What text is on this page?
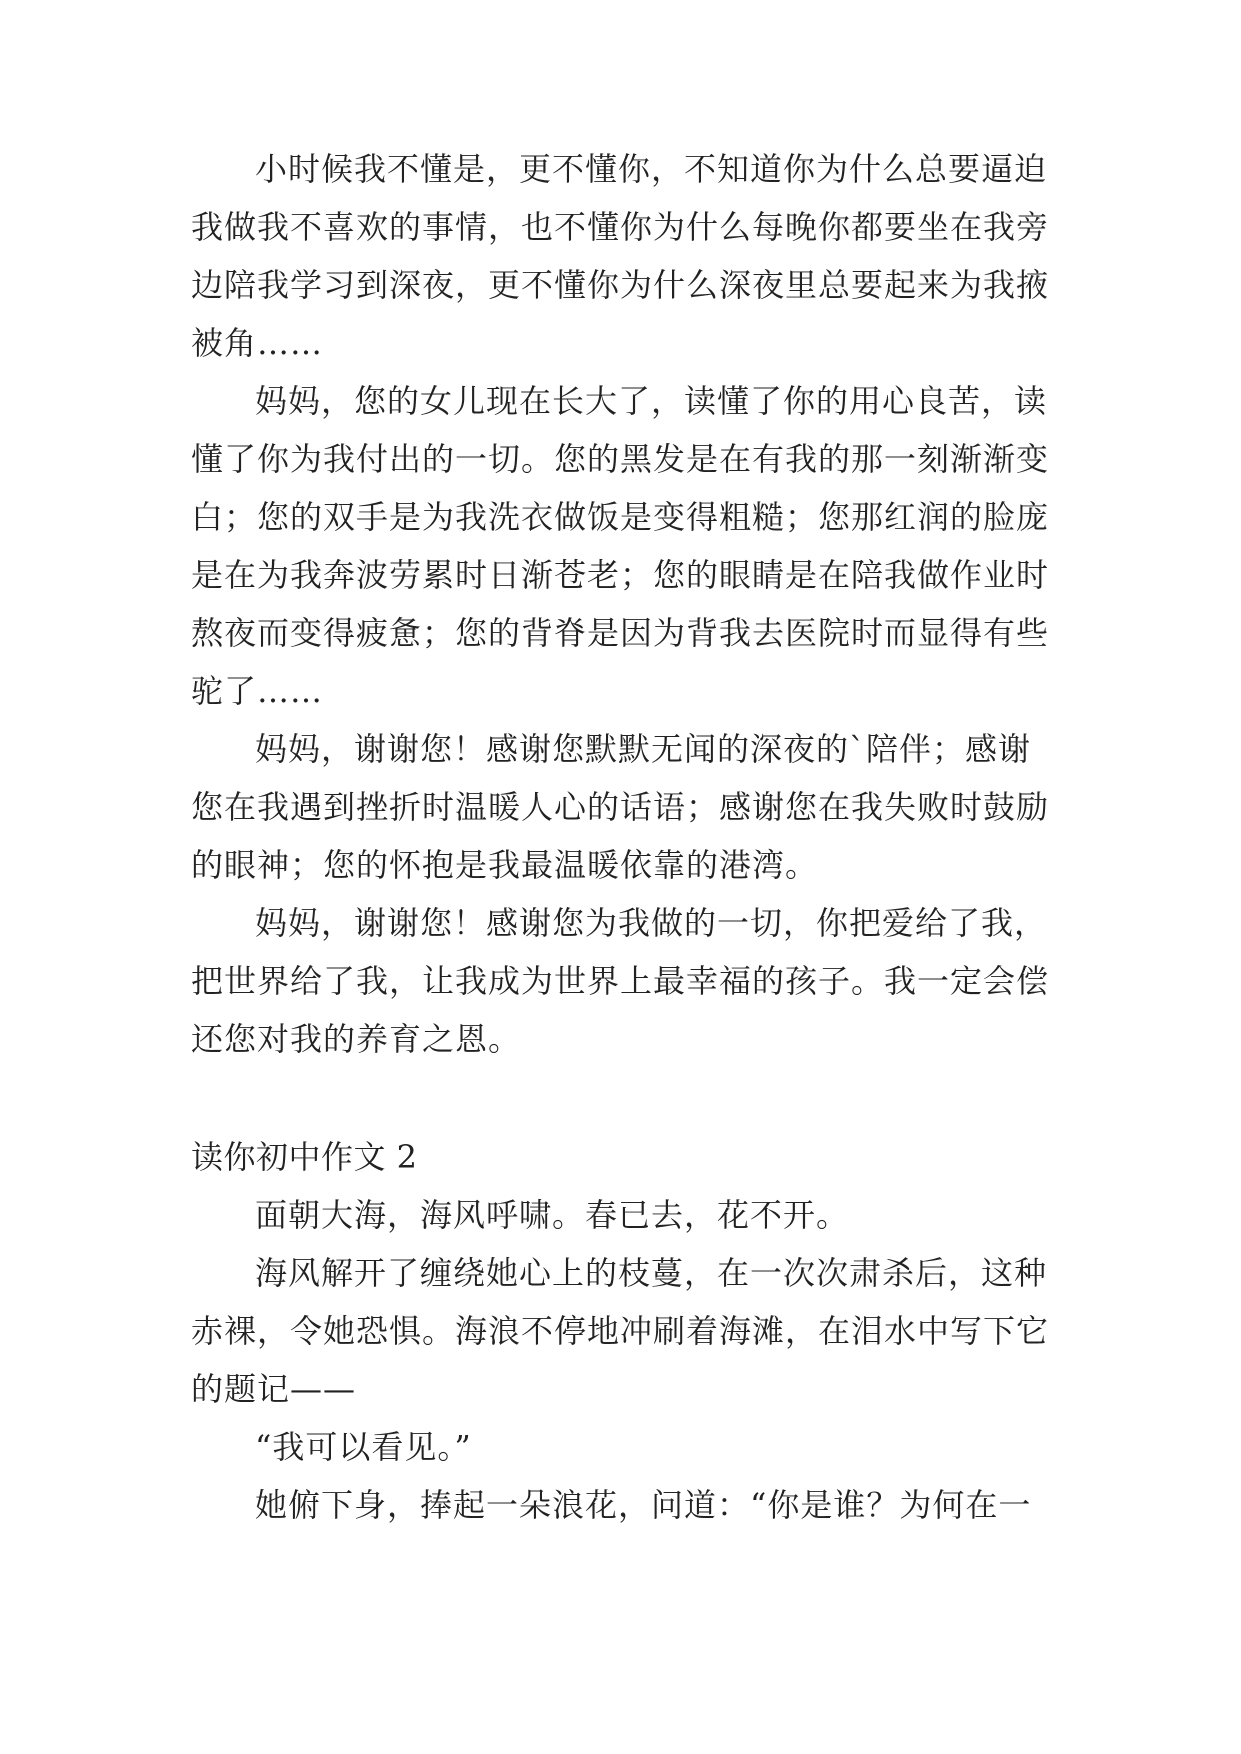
小时候我不懂是，更不懂你，不知道你为什么总要逼迫
我做我不喜欢的事情，也不懂你为什么每晚你都要坐在我旁
边陪我学习到深夜，更不懂你为什么深夜里总要起来为我掖
被角……
妈妈，您的女儿现在长大了，读懂了你的用心良苦，读
懂了你为我付出的一切。您的黑发是在有我的那一刻渐渐变
白；您的双手是为我洗衣做饭是变得粗糙；您那红润的脸庞
是在为我奔波劳累时日渐苍老；您的眼睛是在陪我做作业时
熬夜而变得疲惫；您的背脊是因为背我去医院时而显得有些
驼了……
妈妈，谢谢您！感谢您默默无闻的深夜的`陪伴；感谢
您在我遇到挫折时温暖人心的话语；感谢您在我失败时鼓励
的眼神；您的怀抱是我最温暖依靠的港湾。
妈妈，谢谢您！感谢您为我做的一切，你把爱给了我，
把世界给了我，让我成为世界上最幸福的孩子。我一定会偿
还您对我的养育之恩。
读你初中作文 2
面朝大海，海风呼啸。春已去，花不开。
海风解开了缠绕她心上的枝蔓，在一次次肃杀后，这种
赤裸，令她恐惧。海浪不停地冲刷着海滩，在泪水中写下它
的题记——
“我可以看见。”
她俯下身，捧起一朵浪花，问道：“你是谁？为何在一
